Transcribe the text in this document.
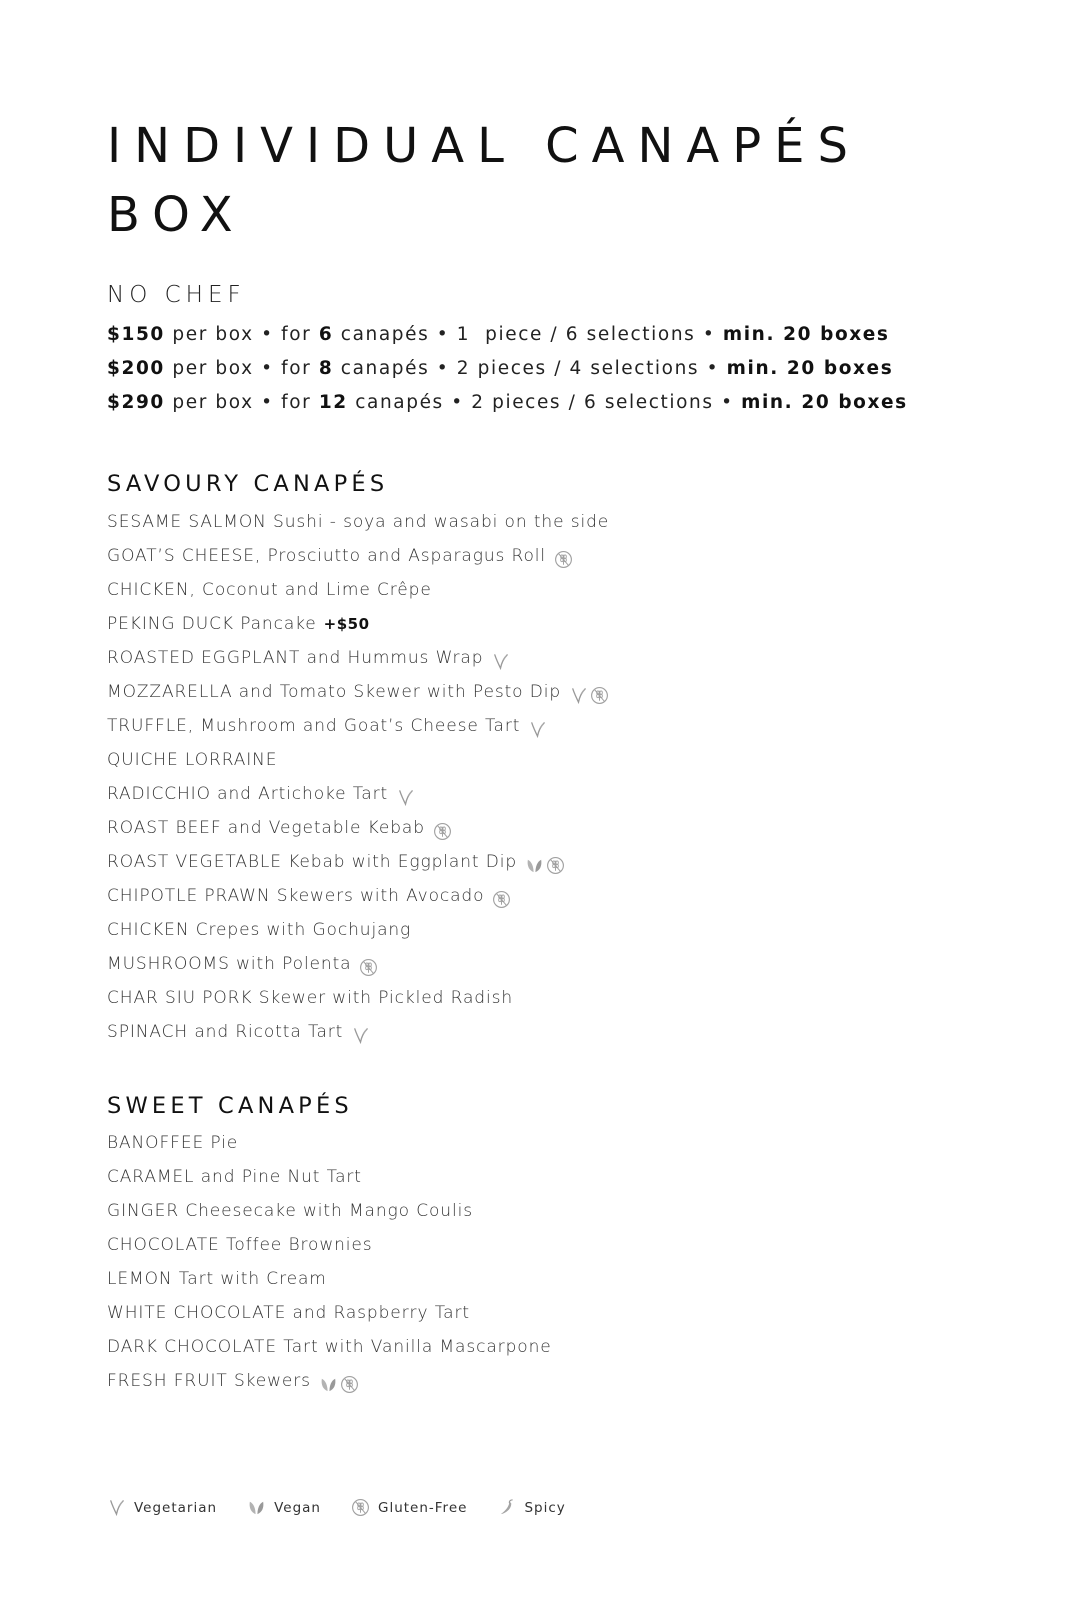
INDIVIDUAL CANAPÉS
BOX
NO CHEF
$150 per box • for 6 canapés • 1  piece / 6 selections • min. 20 boxes
$200 per box • for 8 canapés • 2 pieces / 4 selections • min. 20 boxes
$290 per box • for 12 canapés • 2 pieces / 6 selections • min. 20 boxes
SAVOURY CANAPÉS
SESAME SALMON Sushi - soya and wasabi on the side
GOAT’S CHEESE, Prosciutto and Asparagus Roll
CHICKEN, Coconut and Lime Crêpe
PEKING DUCK Pancake +$50
ROASTED EGGPLANT and Hummus Wrap
MOZZARELLA and Tomato Skewer with Pesto Dip
TRUFFLE, Mushroom and Goat’s Cheese Tart
QUICHE LORRAINE
RADICCHIO and Artichoke Tart
ROAST BEEF and Vegetable Kebab
ROAST VEGETABLE Kebab with Eggplant Dip
CHIPOTLE PRAWN Skewers with Avocado
CHICKEN Crepes with Gochujang
MUSHROOMS with Polenta
CHAR SIU PORK Skewer with Pickled Radish
SPINACH and Ricotta Tart
SWEET CANAPÉS
BANOFFEE Pie
CARAMEL and Pine Nut Tart
GINGER Cheesecake with Mango Coulis
CHOCOLATE Toffee Brownies
LEMON Tart with Cream
WHITE CHOCOLATE and Raspberry Tart
DARK CHOCOLATE Tart with Vanilla Mascarpone
FRESH FRUIT Skewers
Vegetarian	Vegan	Gluten-Free	Spicy
